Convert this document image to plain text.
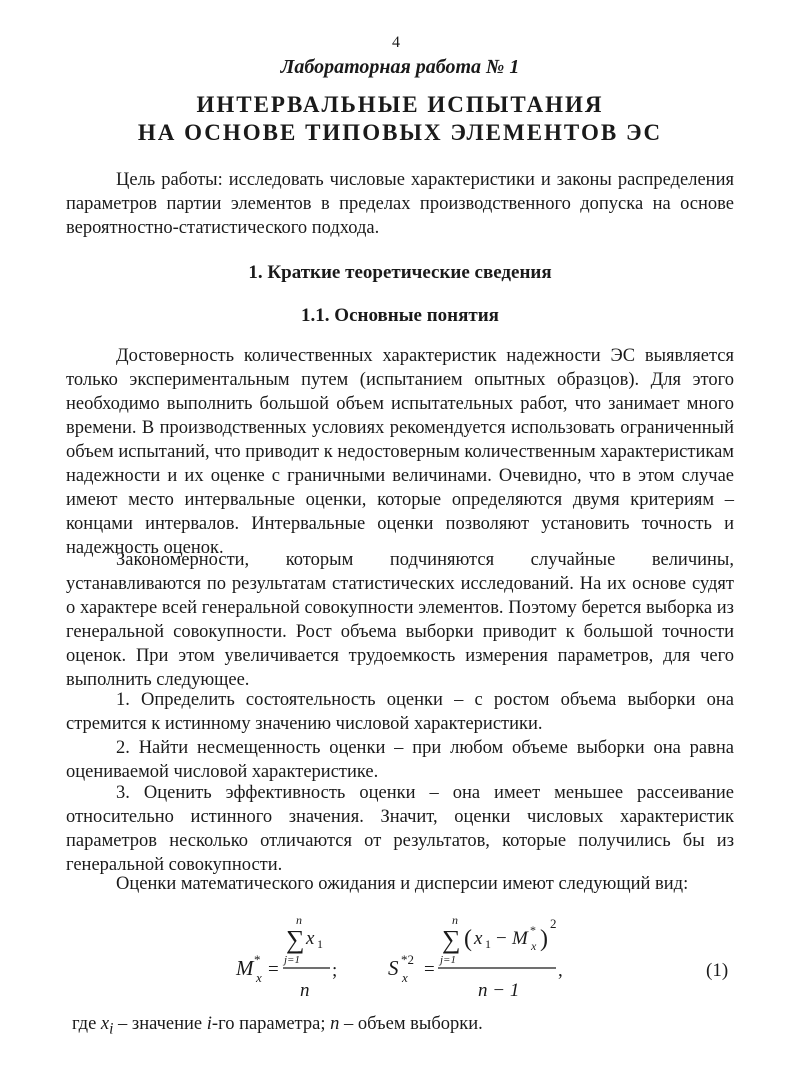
4
Лабораторная работа № 1
ИНТЕРВАЛЬНЫЕ ИСПЫТАНИЯ
НА ОСНОВЕ ТИПОВЫХ ЭЛЕМЕНТОВ ЭС

Цель работы: исследовать числовые характеристики и законы распределения параметров партии элементов в пределах производственного допуска на основе вероятностно-статистического подхода.

1. Краткие теоретические сведения
1.1. Основные понятия

Достоверность количественных характеристик надежности ЭС выявляется только экспериментальным путем (испытанием опытных образцов). Для этого необходимо выполнить большой объем испытательных работ, что занимает много времени. В производственных условиях рекомендуется использовать ограниченный объем испытаний, что приводит к недостоверным количественным характеристикам надежности и их оценке с граничными величинами. Очевидно, что в этом случае имеют место интервальные оценки, которые определяются двумя критериям – концами интервалов. Интервальные оценки позволяют установить точность и надежность оценок.

Закономерности, которым подчиняются случайные величины, устанавливаются по результатам статистических исследований. На их основе судят о характере всей генеральной совокупности элементов. Поэтому берется выборка из генеральной совокупности. Рост объема выборки приводит к большой точности оценок. При этом увеличивается трудоемкость измерения параметров, для чего выполнить следующее.

1. Определить состоятельность оценки – с ростом объема выборки она стремится к истинному значению числовой характеристики.

2. Найти несмещенность оценки – при любом объеме выборки она равна оцениваемой числовой характеристике.

3. Оценить эффективность оценки – она имеет меньшее рассеивание относительно истинного значения. Значит, оценки числовых характеристик параметров несколько отличаются от результатов, которые получились бы из генеральной совокупности.

Оценки математического ожидания и дисперсии имеют следующий вид:

M *
x =
n
∑
j=1
x 1
n
; S *2
x =
n
∑
j=1
( x 1 − M *
x )
2
n − 1
,	(1)
где $x_i$ – значение i-го параметра; n – объем выборки.
